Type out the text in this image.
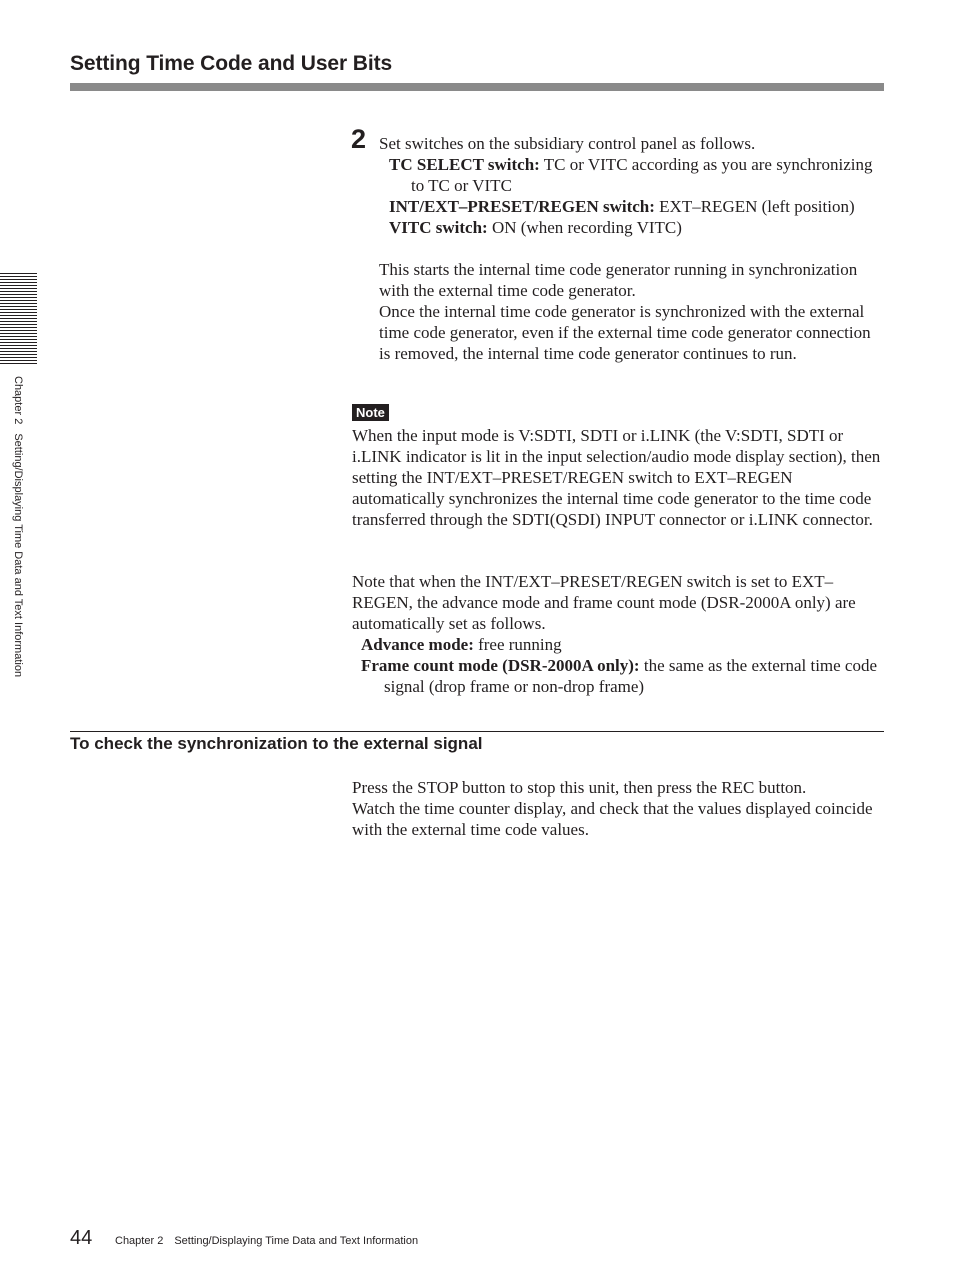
Setting Time Code and User Bits
Chapter 2Setting/Displaying Time Data and Text Information
2 Set switches on the subsidiary control panel as follows.

TC SELECT switch: TC or VITC according as you are synchronizing to TC or VITC

INT/EXT–PRESET/REGEN switch: EXT–REGEN (left position)

VITC switch: ON (when recording VITC)

This starts the internal time code generator running in synchronization with the external time code generator.

Once the internal time code generator is synchronized with the external time code generator, even if the external time code generator connection is removed, the internal time code generator continues to run.

Note

When the input mode is V:SDTI, SDTI or i.LINK (the V:SDTI, SDTI or i.LINK indicator is lit in the input selection/audio mode display section), then setting the INT/EXT–PRESET/REGEN switch to EXT–REGEN automatically synchronizes the internal time code generator to the time code transferred through the SDTI(QSDI) INPUT connector or i.LINK connector.

Note that when the INT/EXT–PRESET/REGEN switch is set to EXT–REGEN, the advance mode and frame count mode (DSR-2000A only) are automatically set as follows.

Advance mode: free running

Frame count mode (DSR-2000A only): the same as the external time code signal (drop frame or non-drop frame)

To check the synchronization to the external signal

Press the STOP button to stop this unit, then press the REC button.

Watch the time counter display, and check that the values displayed coincide with the external time code values.

44 Chapter 2 Setting/Displaying Time Data and Text Information
